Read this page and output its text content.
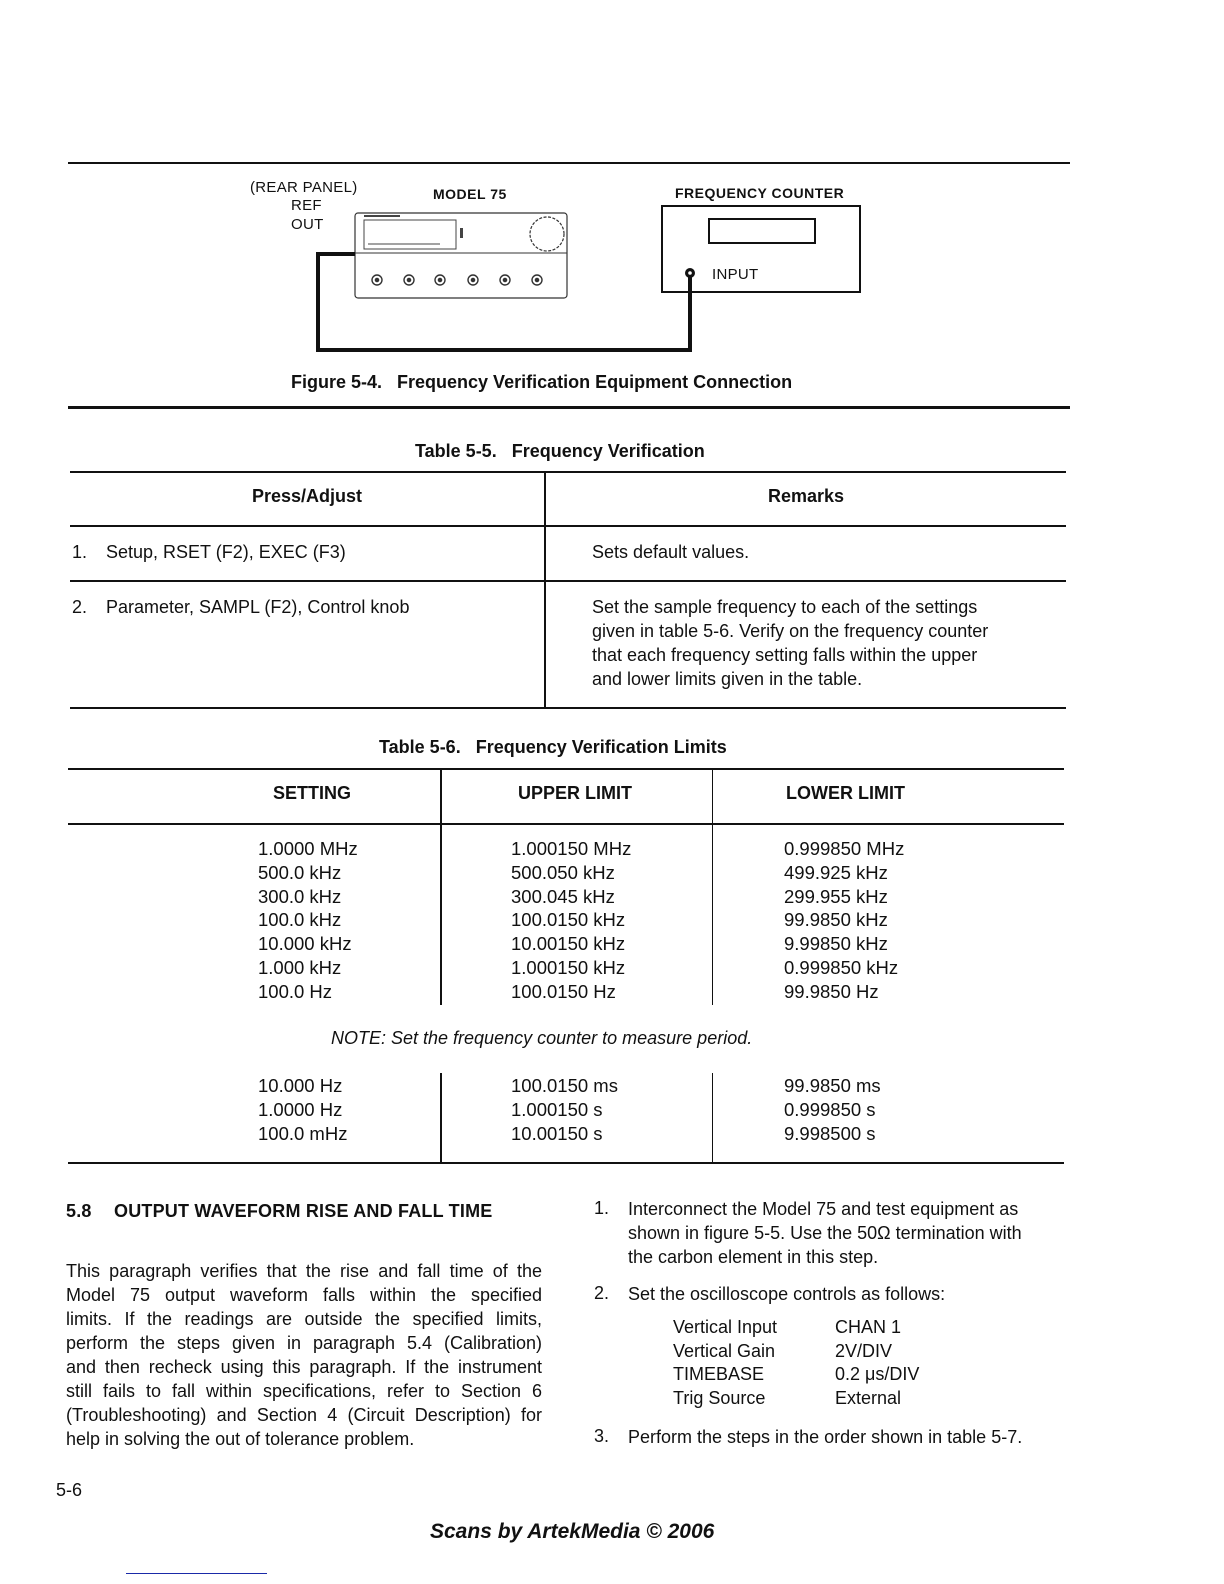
(REAR PANEL)
REF
OUT
MODEL 75	FREQUENCY COUNTER
INPUT
Figure 5-4.   Frequency Verification Equipment Connection
Table 5-5.   Frequency Verification
Press/Adjust	Remarks
1. Setup, RSET (F2), EXEC (F3)	Sets default values.
2. Parameter, SAMPL (F2), Control knob	Set the sample frequency to each of the settings
given in table 5-6. Verify on the frequency counter
that each frequency setting falls within the upper
and lower limits given in the table.
Table 5-6.   Frequency Verification Limits
SETTING	UPPER LIMIT	LOWER LIMIT
1.0000 MHz	1.000150 MHz	0.999850 MHz
500.0 kHz	500.050 kHz	499.925 kHz
300.0 kHz	300.045 kHz	299.955 kHz
100.0 kHz	100.0150 kHz	99.9850 kHz
10.000 kHz	10.00150 kHz	9.99850 kHz
1.000 kHz	1.000150 kHz	0.999850 kHz
100.0 Hz	100.0150 Hz	99.9850 Hz
NOTE: Set the frequency counter to measure period.
10.000 Hz	100.0150 ms	99.9850 ms
1.0000 Hz	1.000150 s	0.999850 s
100.0 mHz	10.00150 s	9.998500 s
5.8 OUTPUT WAVEFORM RISE AND FALL TIME
This paragraph verifies that the rise and fall time of the
Model 75 output waveform falls within the specified
limits. If the readings are outside the specified limits,
perform the steps given in paragraph 5.4 (Calibration)
and then recheck using this paragraph. If the instrument
still fails to fall within specifications, refer to Section 6
(Troubleshooting) and Section 4 (Circuit Description) for
help in solving the out of tolerance problem.
1. Interconnect the Model 75 and test equipment as
shown in figure 5-5. Use the 50Ω termination with
the carbon element in this step.
2. Set the oscilloscope controls as follows:
Vertical Input	CHAN 1
Vertical Gain	2V/DIV
TIMEBASE	0.2 μs/DIV
Trig Source	External
3. Perform the steps in the order shown in table 5-7.
5-6
Scans by ArtekMedia © 2006
